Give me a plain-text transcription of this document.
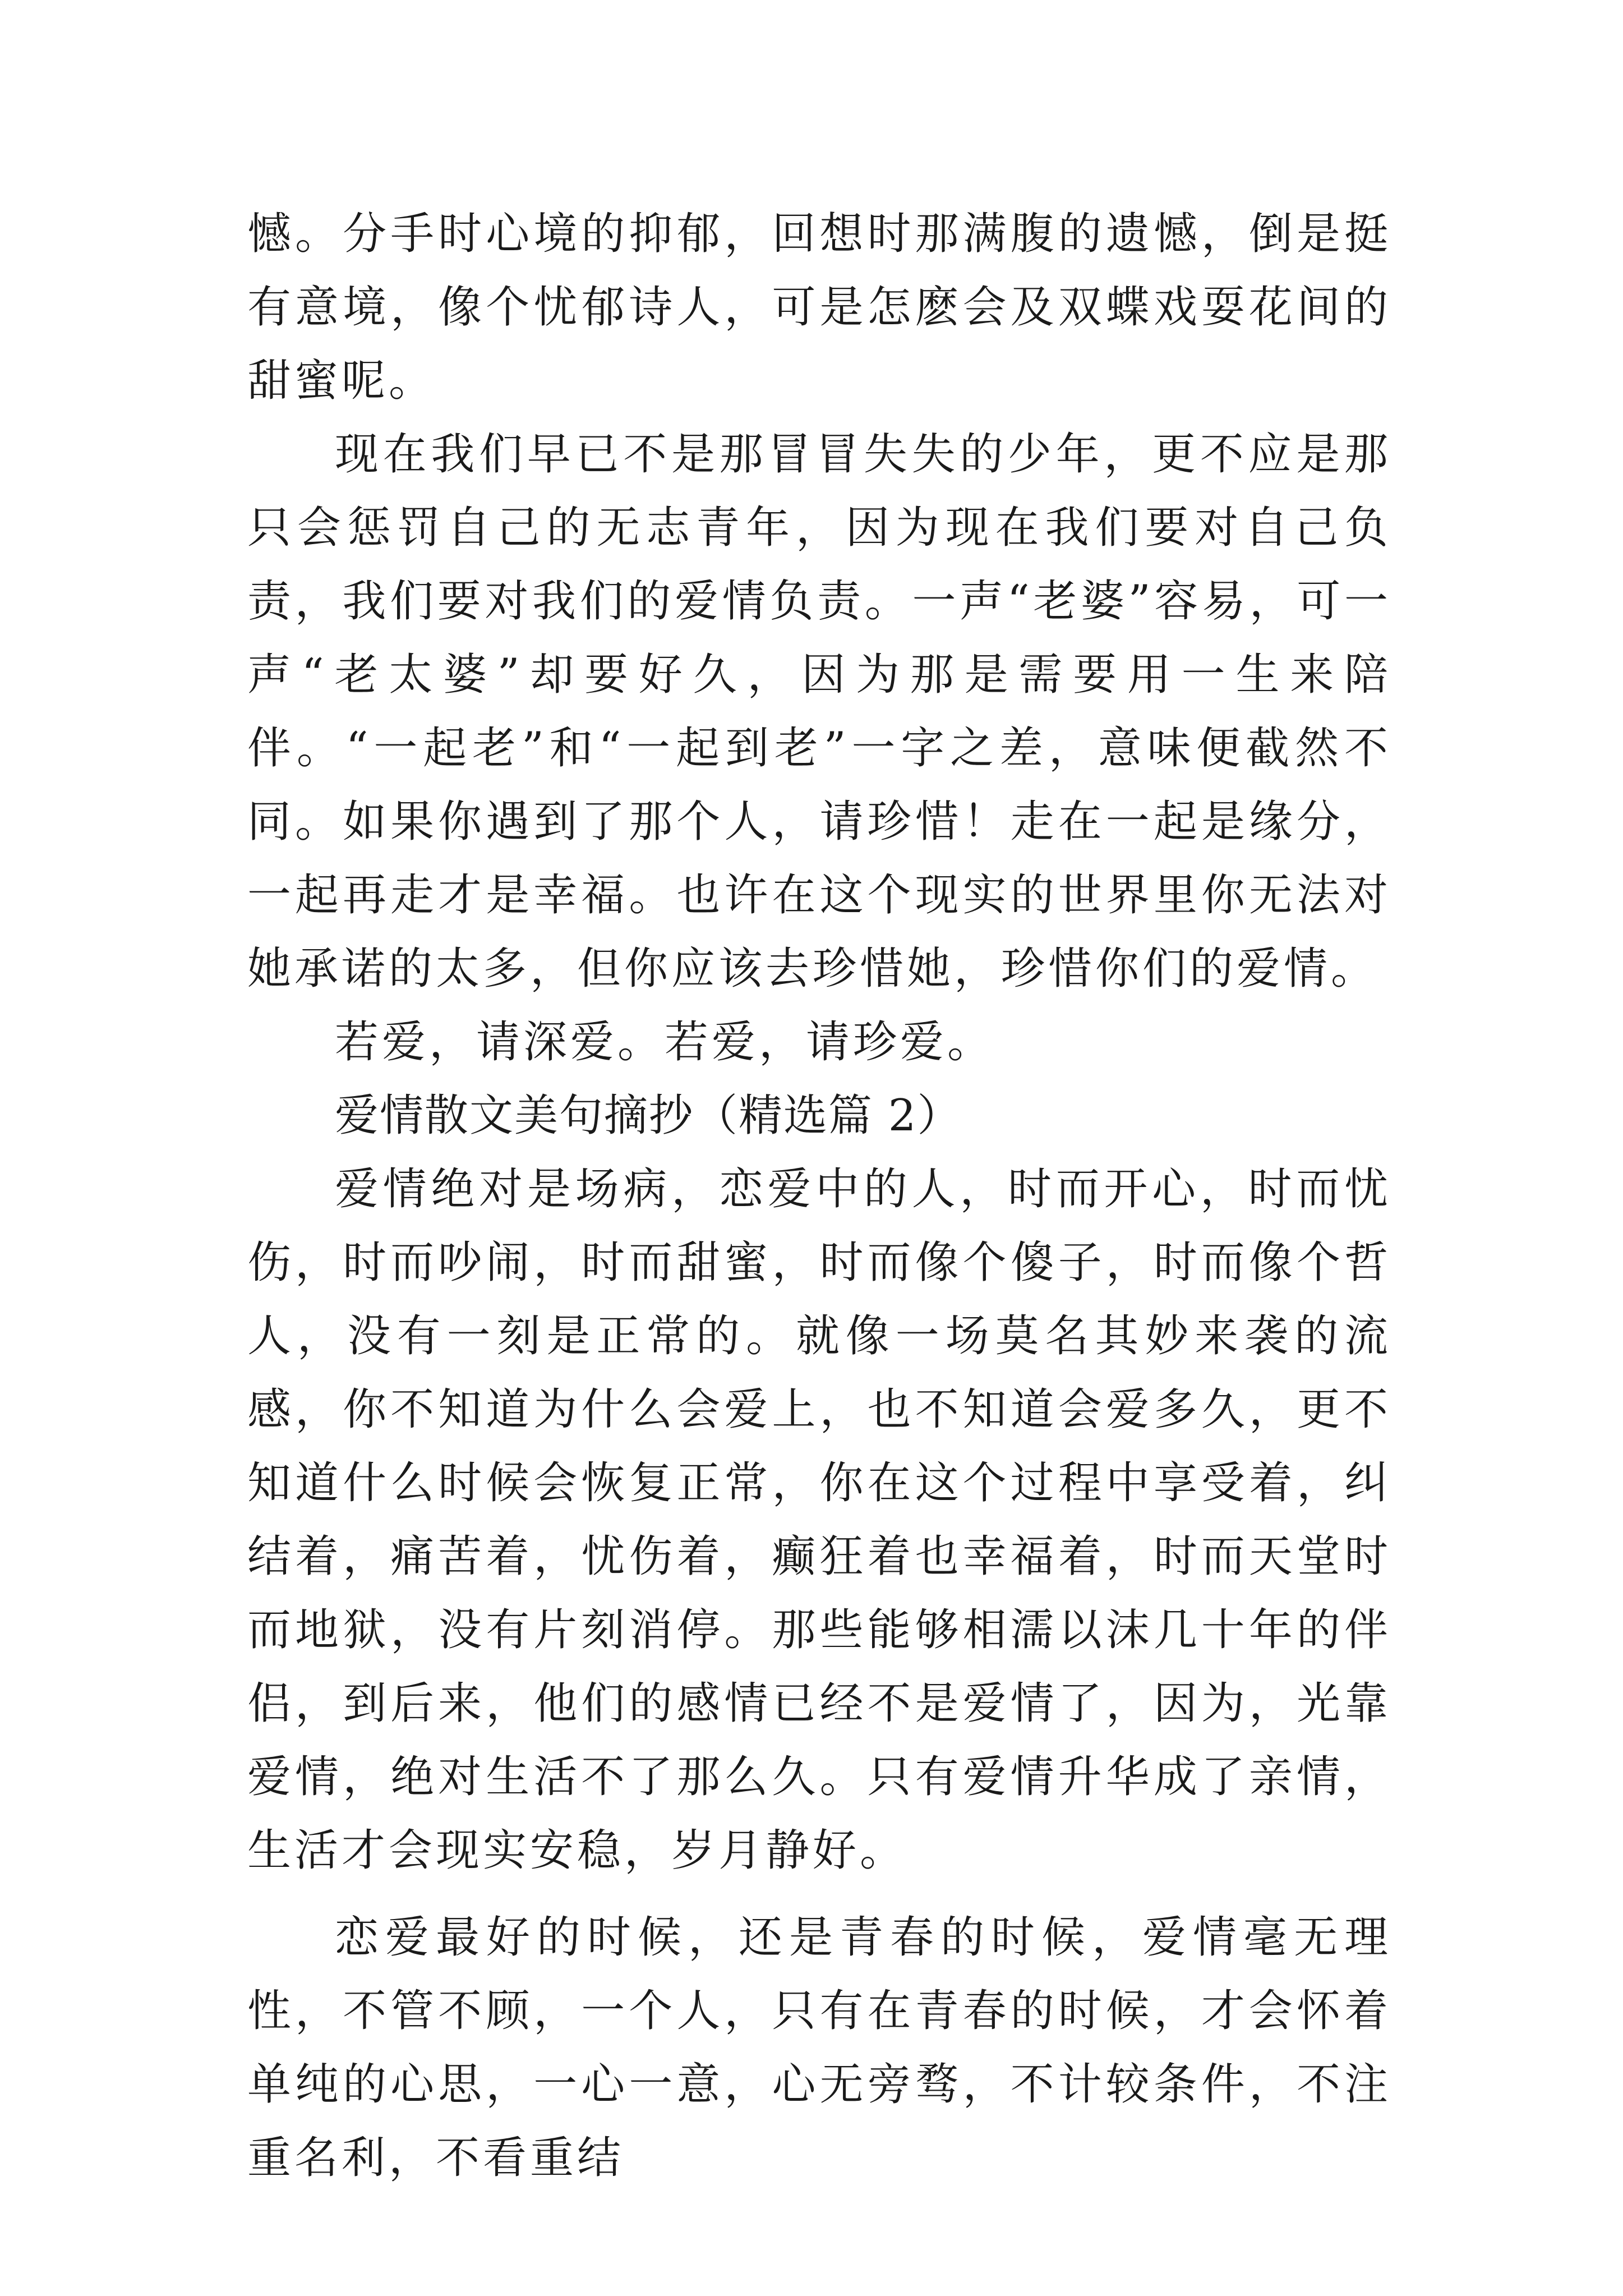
憾。分手时心境的抑郁，回想时那满腹的遗憾，倒是挺有意境，像个忧郁诗人，可是怎麽会及双蝶戏耍花间的甜蜜呢。

现在我们早已不是那冒冒失失的少年，更不应是那只会惩罚自己的无志青年，因为现在我们要对自己负责，我们要对我们的爱情负责。一声“老婆”容易，可一声“老太婆”却要好久，因为那是需要用一生来陪伴。“一起老”和“一起到老”一字之差，意味便截然不同。如果你遇到了那个人，请珍惜！走在一起是缘分，一起再走才是幸福。也许在这个现实的世界里你无法对她承诺的太多，但你应该去珍惜她，珍惜你们的爱情。

若爱，请深爱。若爱，请珍爱。

爱情散文美句摘抄（精选篇 2）

爱情绝对是场病，恋爱中的人，时而开心，时而忧伤，时而吵闹，时而甜蜜，时而像个傻子，时而像个哲人，没有一刻是正常的。就像一场莫名其妙来袭的流感，你不知道为什么会爱上，也不知道会爱多久，更不知道什么时候会恢复正常，你在这个过程中享受着，纠结着，痛苦着，忧伤着，癫狂着也幸福着，时而天堂时而地狱，没有片刻消停。那些能够相濡以沫几十年的伴侣，到后来，他们的感情已经不是爱情了，因为，光靠爱情，绝对生活不了那么久。只有爱情升华成了亲情，生活才会现实安稳，岁月静好。

恋爱最好的时候，还是青春的时候，爱情毫无理性，不管不顾，一个人，只有在青春的时候，才会怀着单纯的心思，一心一意，心无旁骛，不计较条件，不注重名利，不看重结
